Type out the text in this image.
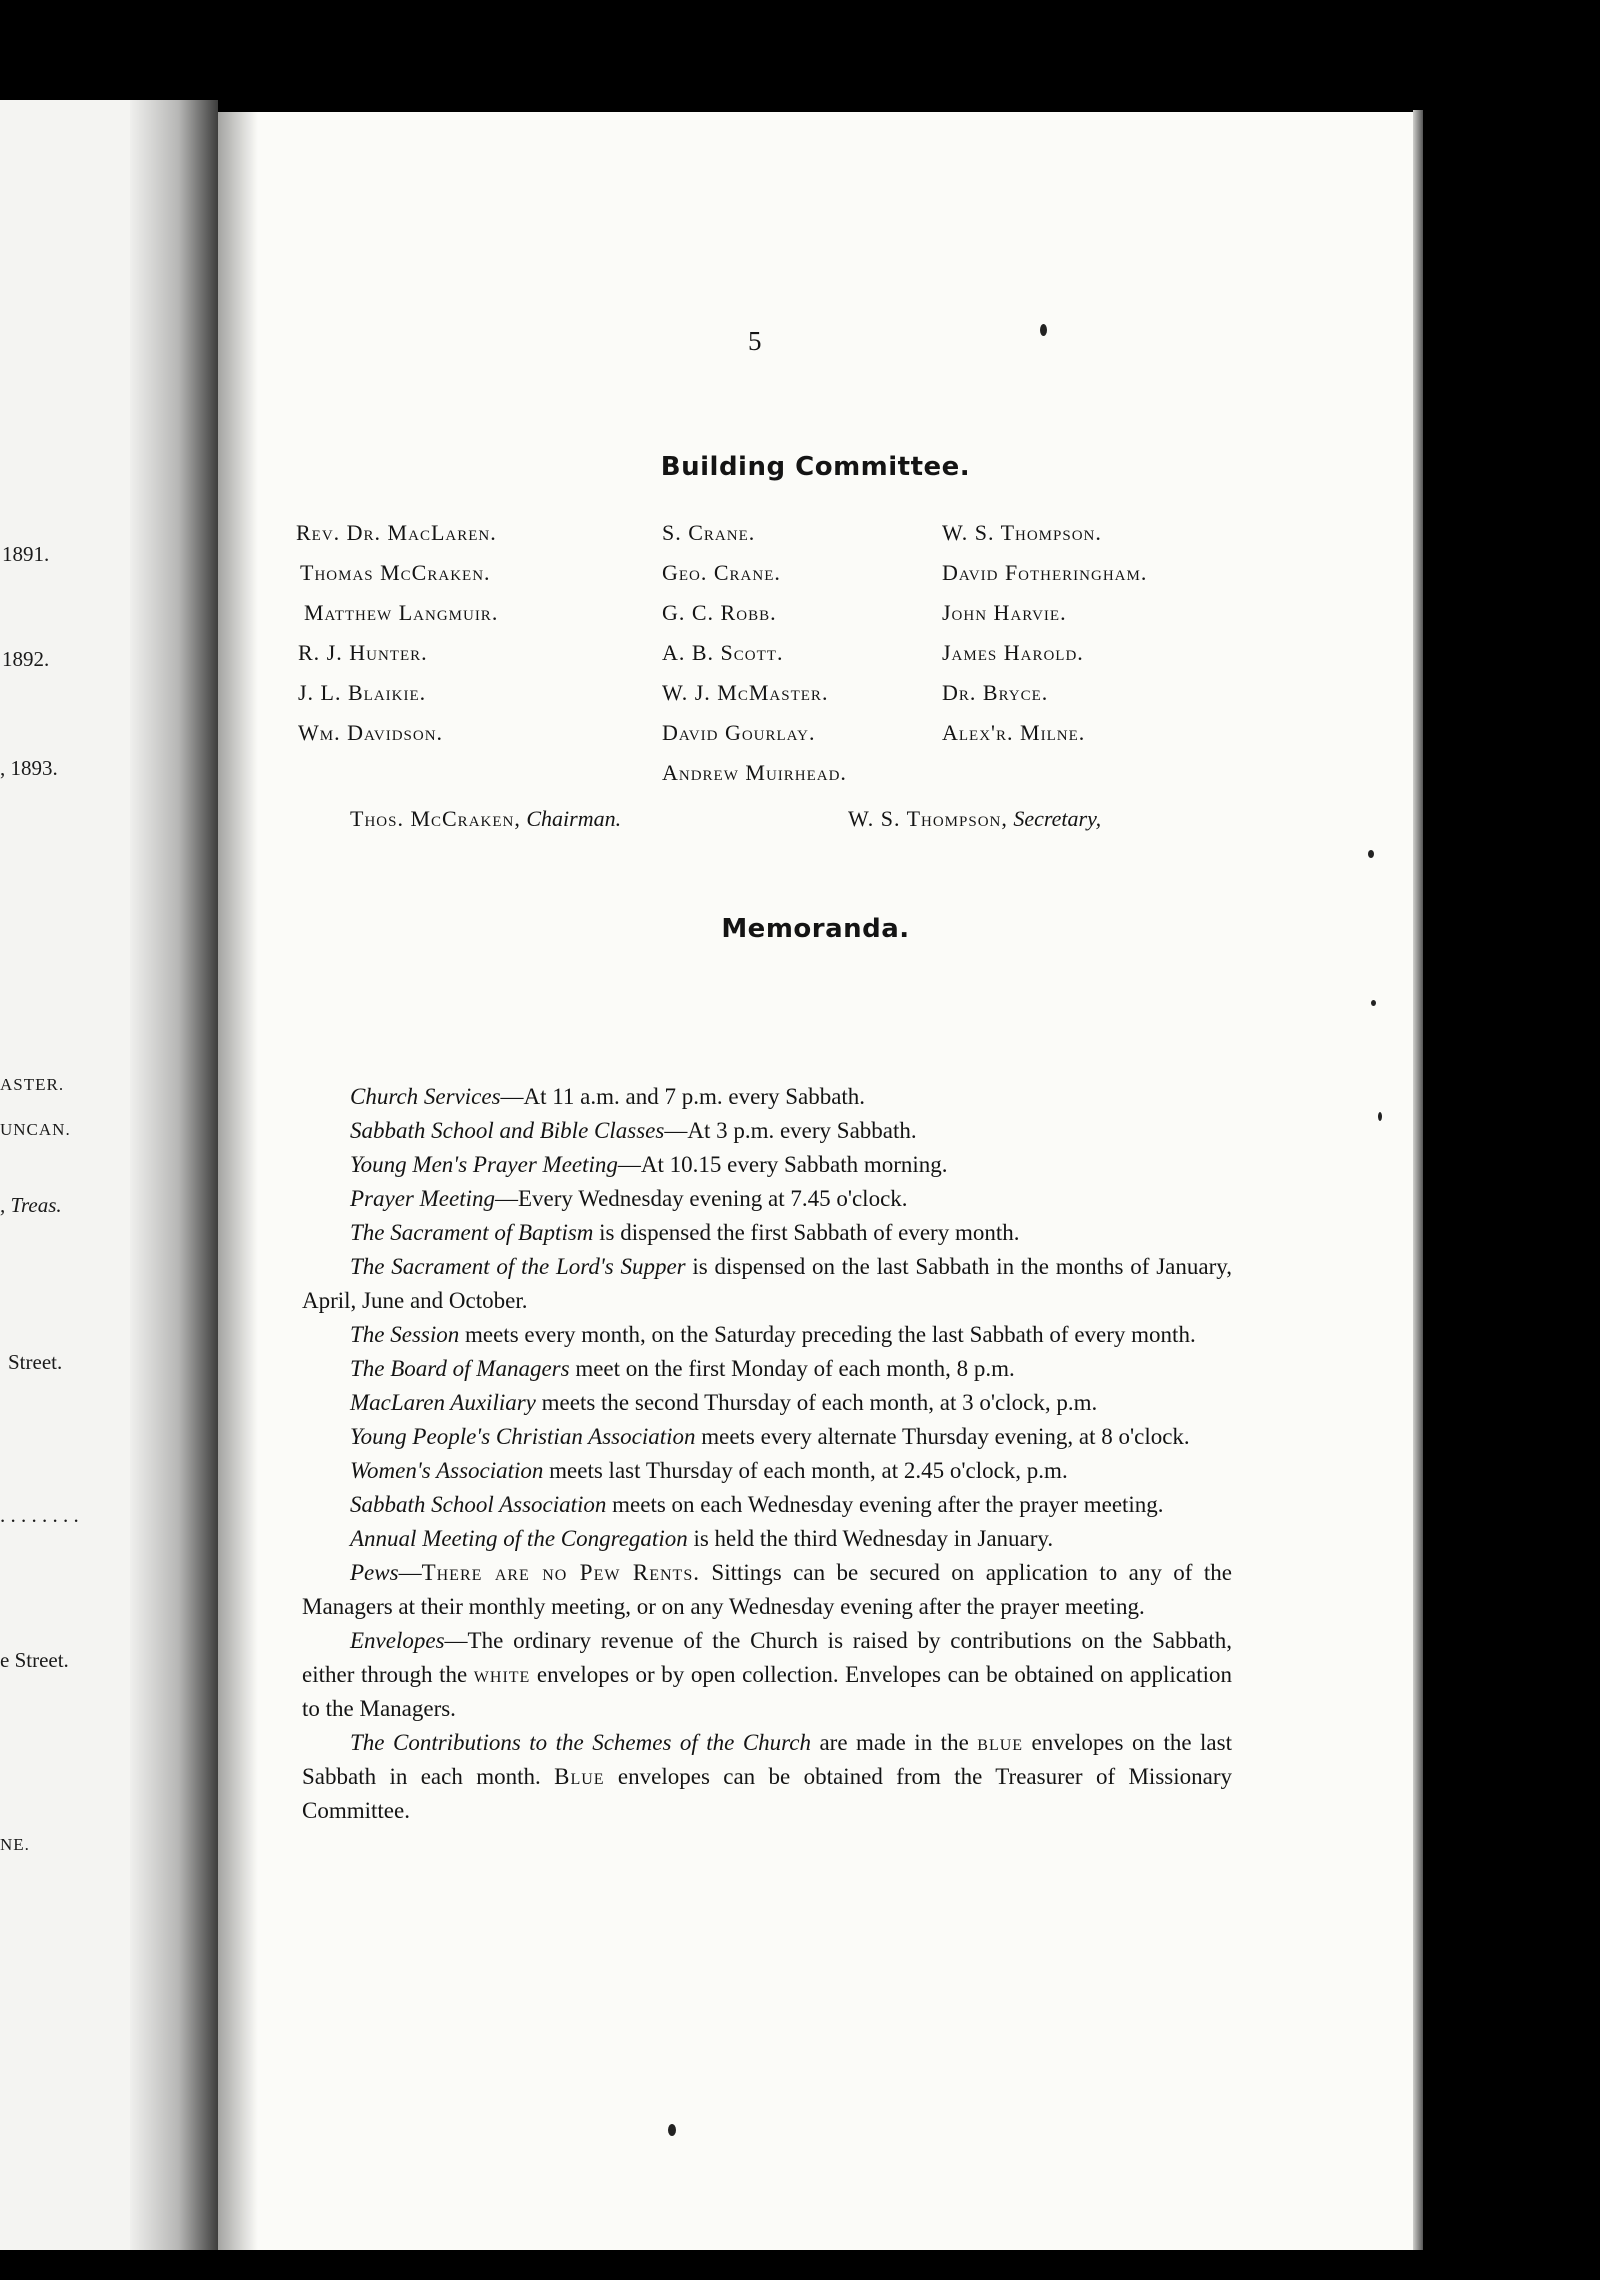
1891.
1892.
, 1893.
ASTER.
UNCAN.
, Treas.
Street.
. . . . . . . .
e Street.
NE.
5
Building Committee.
Rev. Dr. MacLaren.
Thomas McCraken.
Matthew Langmuir.
R. J. Hunter.
J. L. Blaikie.
Wm. Davidson.
S. Crane.
Geo. Crane.
G. C. Robb.
A. B. Scott.
W. J. McMaster.
David Gourlay.
Andrew Muirhead.
W. S. Thompson.
David Fotheringham.
John Harvie.
James Harold.
Dr. Bryce.
Alex'r. Milne.
Thos. McCraken, Chairman.	W. S. Thompson, Secretary,
Memoranda.

Church Services—At 11 a.m. and 7 p.m. every Sabbath.

Sabbath School and Bible Classes—At 3 p.m. every Sabbath.

Young Men's Prayer Meeting—At 10.15 every Sabbath morning.

Prayer Meeting—Every Wednesday evening at 7.45 o'clock.

The Sacrament of Baptism is dispensed the first Sabbath of every month.

The Sacrament of the Lord's Supper is dispensed on the last Sabbath in the months of January, April, June and October.

The Session meets every month, on the Saturday preceding the last Sabbath of every month.

The Board of Managers meet on the first Monday of each month, 8 p.m.

MacLaren Auxiliary meets the second Thursday of each month, at 3 o'clock, p.m.

Young People's Christian Association meets every alternate Thursday evening, at 8 o'clock.

Women's Association meets last Thursday of each month, at 2.45 o'clock, p.m.

Sabbath School Association meets on each Wednesday evening after the prayer meeting.

Annual Meeting of the Congregation is held the third Wednesday in January.

Pews—There are no Pew Rents. Sittings can be secured on application to any of the Managers at their monthly meeting, or on any Wednesday evening after the prayer meeting.

Envelopes—The ordinary revenue of the Church is raised by contributions on the Sabbath, either through the white envelopes or by open collection. Envelopes can be obtained on application to the Managers.

The Contributions to the Schemes of the Church are made in the blue envelopes on the last Sabbath in each month. Blue envelopes can be obtained from the Treasurer of Missionary Committee.
